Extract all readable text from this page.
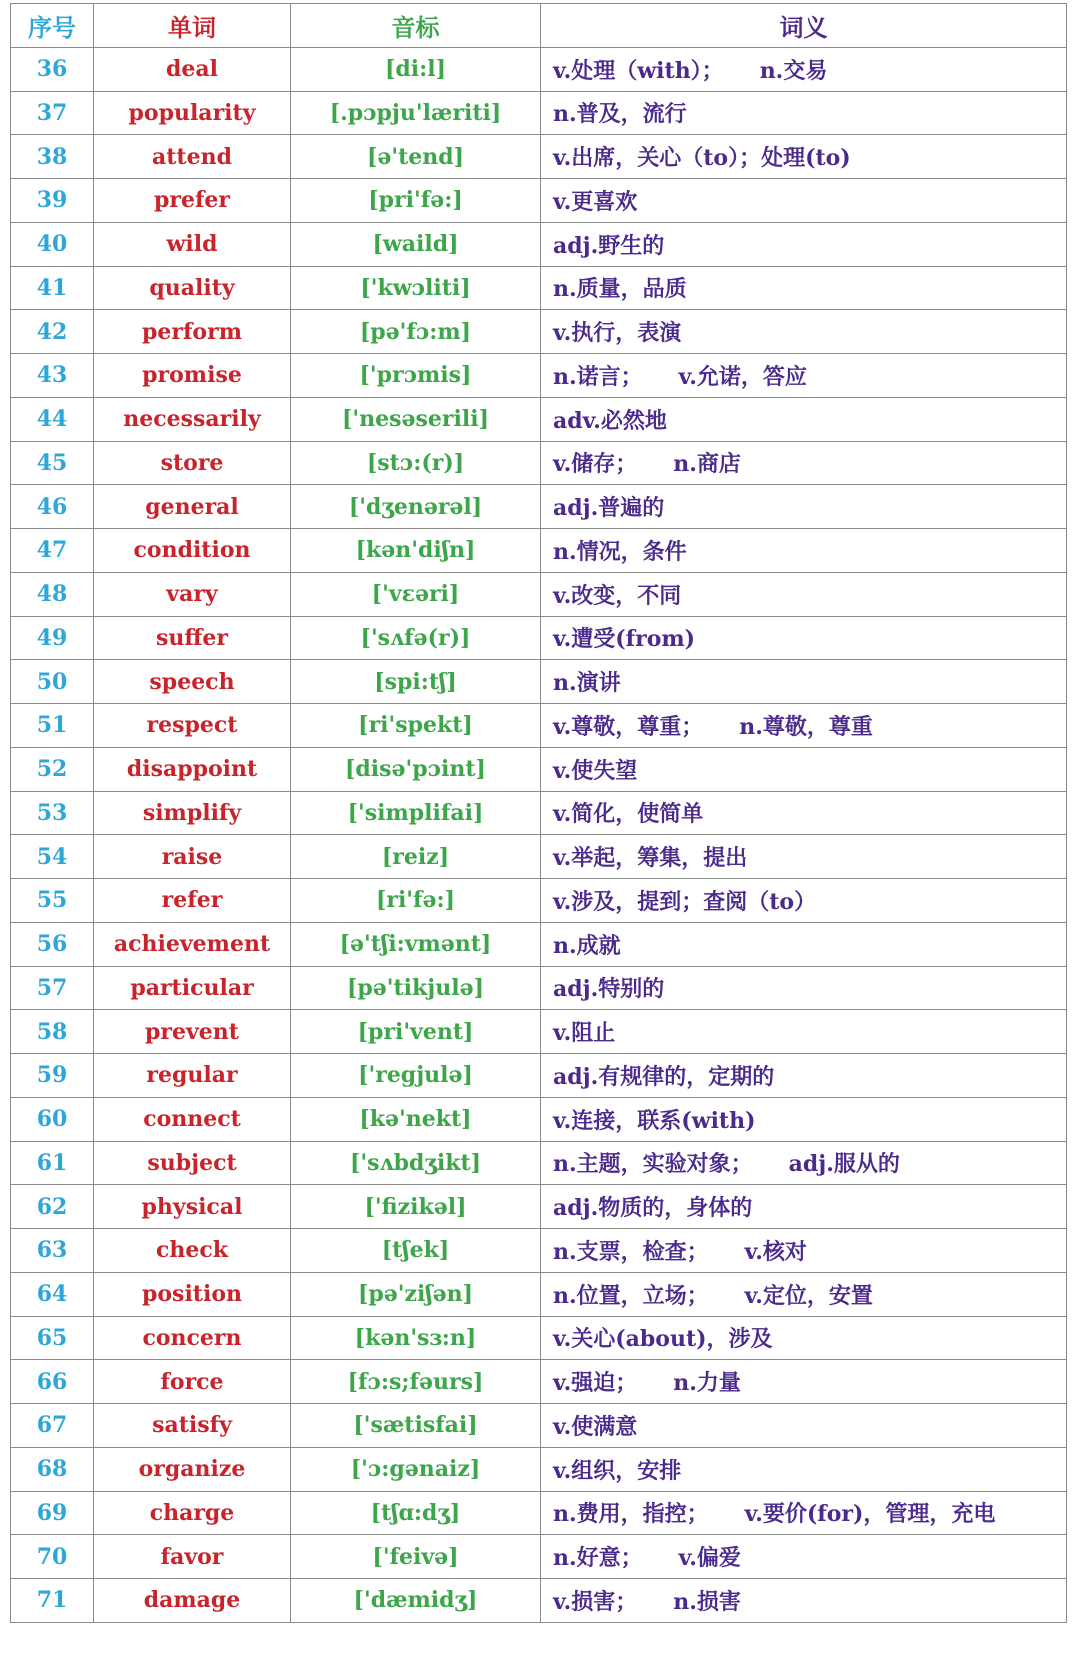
序号	单词	音标	词义
36	deal	[di:l]	v.处理（with）； n.交易
37	popularity	[.pɔpju'læriti]	n.普及，流行
38	attend	[ə'tend]	v.出席，关心（to）；处理(to)
39	prefer	[pri'fə:]	v.更喜欢
40	wild	[waild]	adj.野生的
41	quality	['kwɔliti]	n.质量，品质
42	perform	[pə'fɔ:m]	v.执行，表演
43	promise	['prɔmis]	n.诺言； v.允诺，答应
44	necessarily	['nesəserili]	adv.必然地
45	store	[stɔ:(r)]	v.储存； n.商店
46	general	['dʒenərəl]	adj.普遍的
47	condition	[kən'diʃn]	n.情况，条件
48	vary	['vɛəri]	v.改变，不同
49	suffer	['sʌfə(r)]	v.遭受(from)
50	speech	[spi:tʃ]	n.演讲
51	respect	[ri'spekt]	v.尊敬，尊重； n.尊敬，尊重
52	disappoint	[disə'pɔint]	v.使失望
53	simplify	['simplifai]	v.简化，使简单
54	raise	[reiz]	v.举起，筹集，提出
55	refer	[ri'fə:]	v.涉及，提到；查阅（to）
56	achievement	[ə'tʃi:vmənt]	n.成就
57	particular	[pə'tikjulə]	adj.特别的
58	prevent	[pri'vent]	v.阻止
59	regular	['regjulə]	adj.有规律的，定期的
60	connect	[kə'nekt]	v.连接，联系(with)
61	subject	['sʌbdʒikt]	n.主题，实验对象； adj.服从的
62	physical	['fizikəl]	adj.物质的，身体的
63	check	[tʃek]	n.支票，检查； v.核对
64	position	[pə'ziʃən]	n.位置，立场； v.定位，安置
65	concern	[kən'sɜ:n]	v.关心(about)，涉及
66	force	[fɔ:s;fəurs]	v.强迫； n.力量
67	satisfy	['sætisfai]	v.使满意
68	organize	['ɔ:gənaiz]	v.组织，安排
69	charge	[tʃɑ:dʒ]	n.费用，指控； v.要价(for)，管理，充电
70	favor	['feivə]	n.好意； v.偏爱
71	damage	['dæmidʒ]	v.损害； n.损害
